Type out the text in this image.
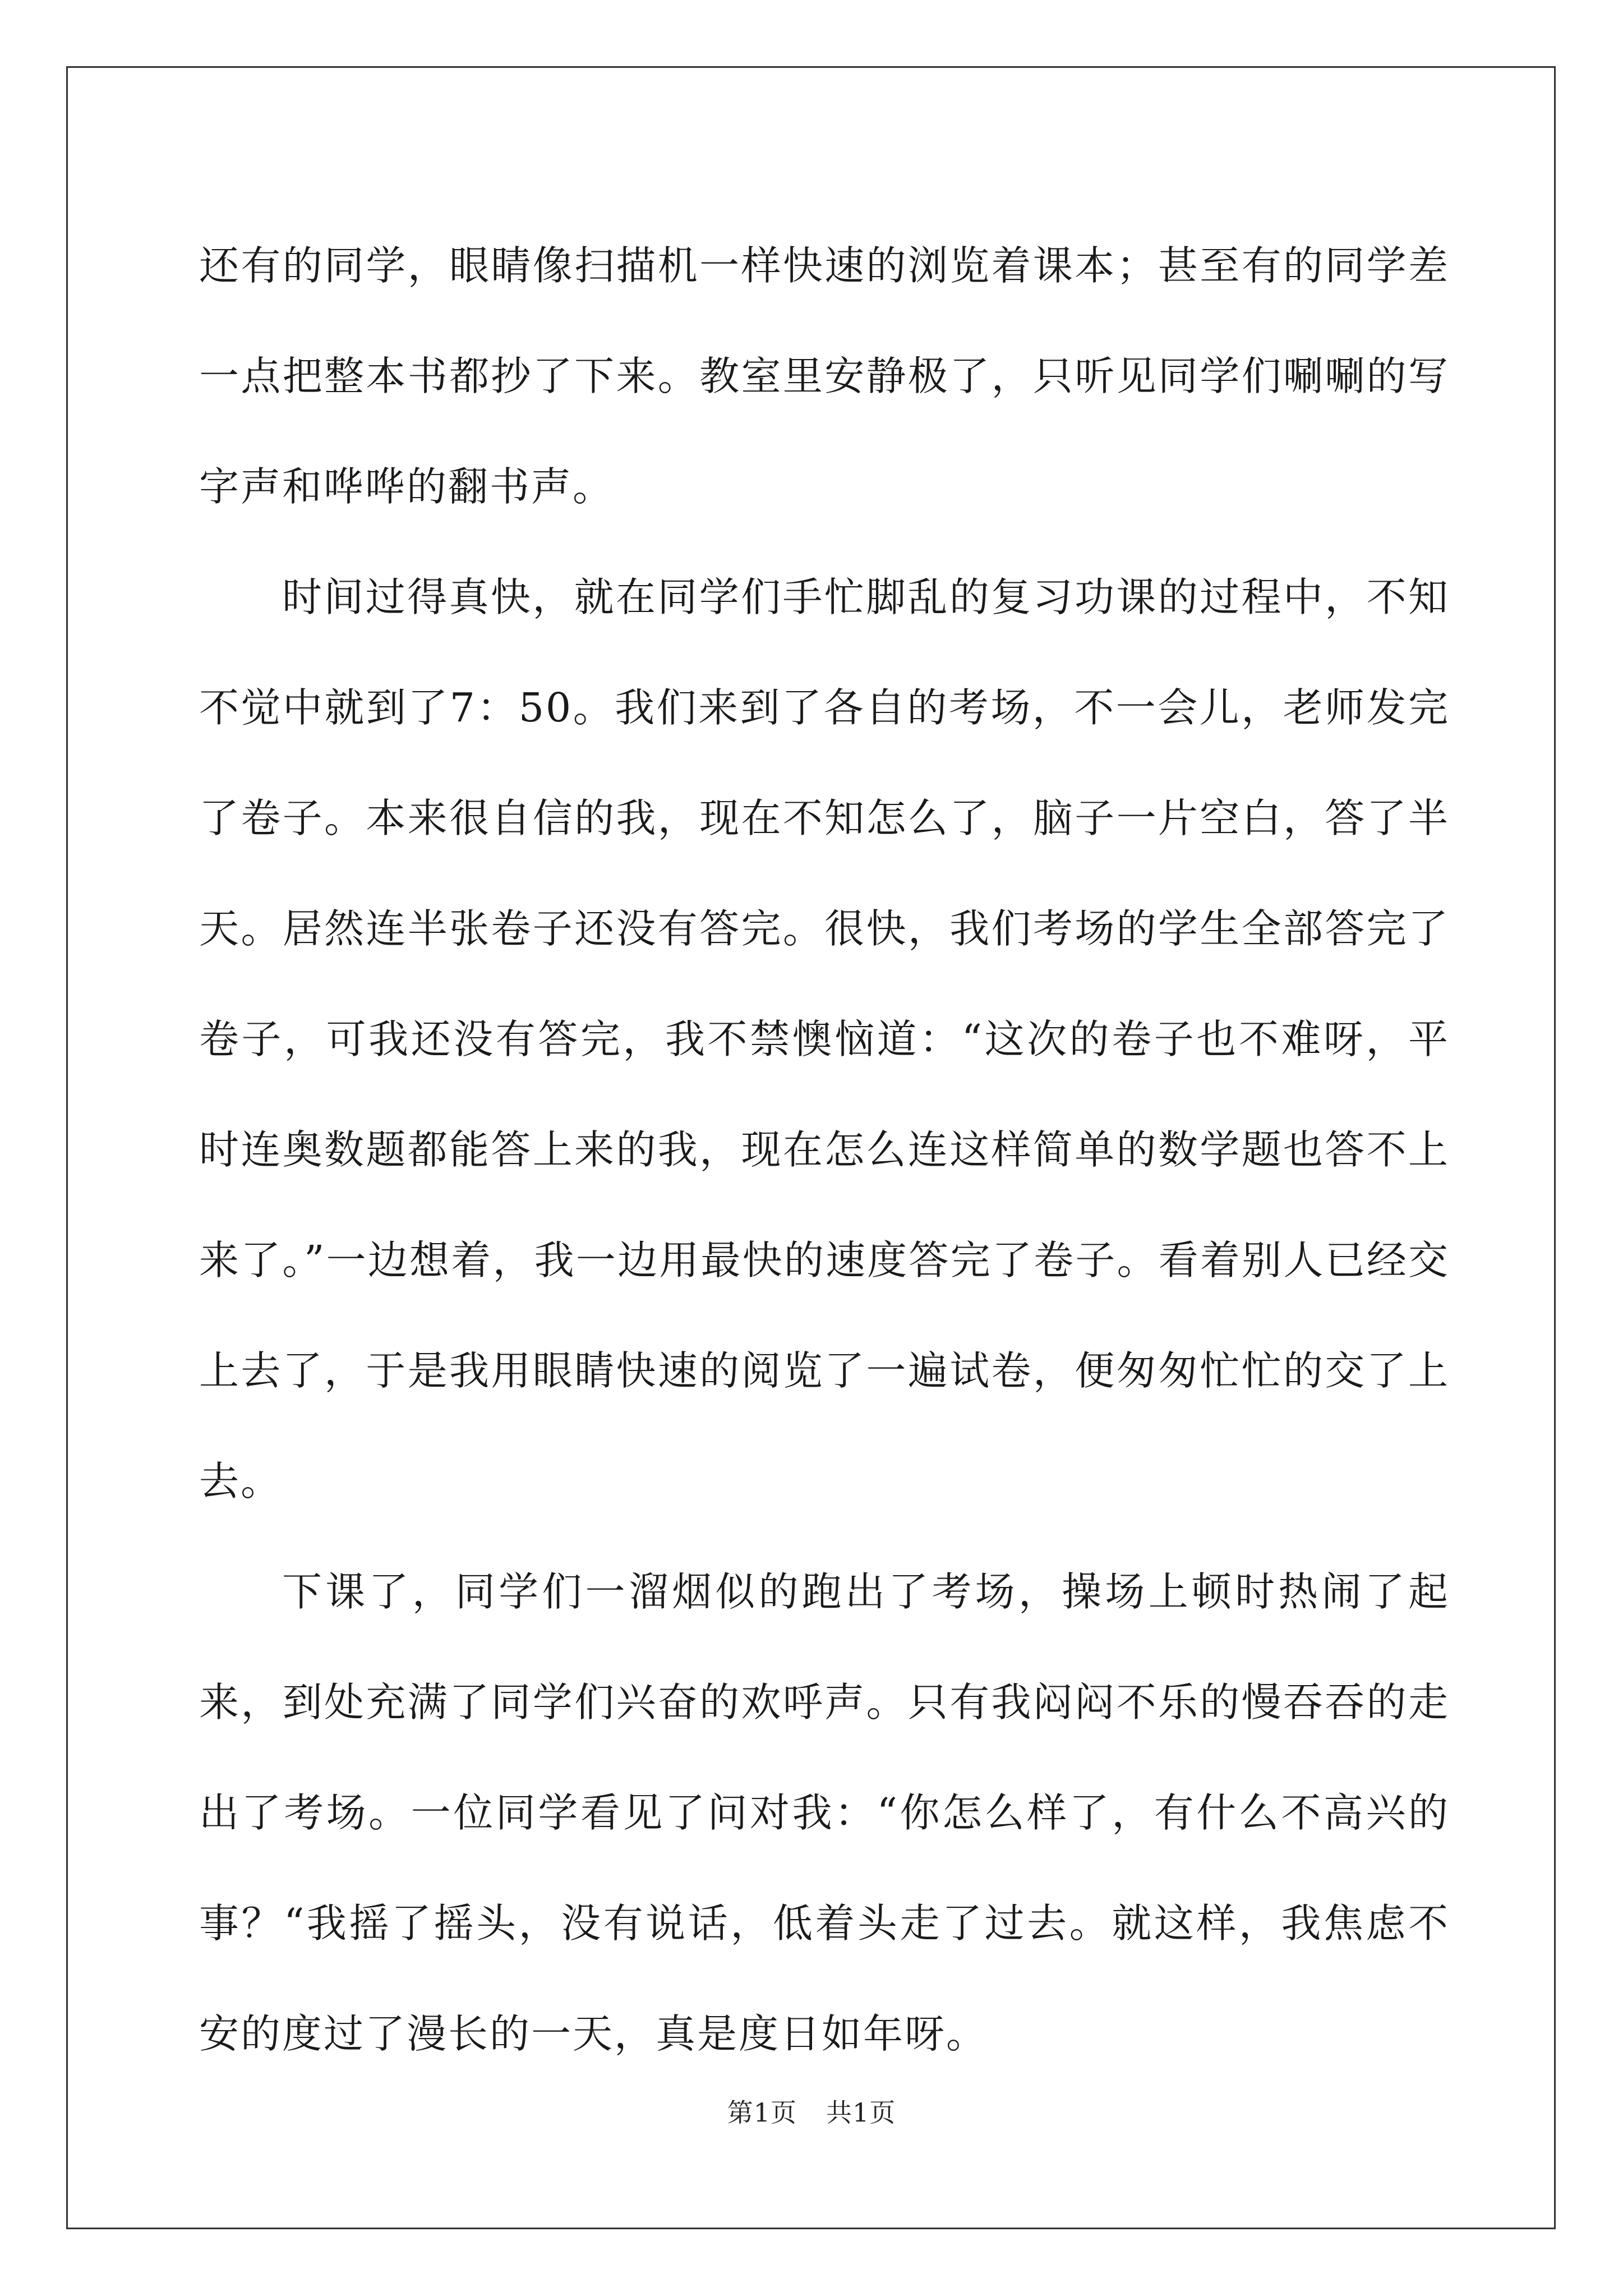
还有的同学，眼睛像扫描机一样快速的浏览着课本；甚至有的同学差一点把整本书都抄了下来。教室里安静极了，只听见同学们唰唰的写字声和哗哗的翻书声。

时间过得真快，就在同学们手忙脚乱的复习功课的过程中，不知不觉中就到了7：50。我们来到了各自的考场，不一会儿，老师发完了卷子。本来很自信的我，现在不知怎么了，脑子一片空白，答了半天。居然连半张卷子还没有答完。很快，我们考场的学生全部答完了卷子，可我还没有答完，我不禁懊恼道：“这次的卷子也不难呀，平时连奥数题都能答上来的我，现在怎么连这样简单的数学题也答不上来了。”一边想着，我一边用最快的速度答完了卷子。看着别人已经交上去了，于是我用眼睛快速的阅览了一遍试卷，便匆匆忙忙的交了上去。

下课了，同学们一溜烟似的跑出了考场，操场上顿时热闹了起来，到处充满了同学们兴奋的欢呼声。只有我闷闷不乐的慢吞吞的走出了考场。一位同学看见了问对我：“你怎么样了，有什么不高兴的事？“我摇了摇头，没有说话，低着头走了过去。就这样，我焦虑不安的度过了漫长的一天，真是度日如年呀。

第1页 共1页
